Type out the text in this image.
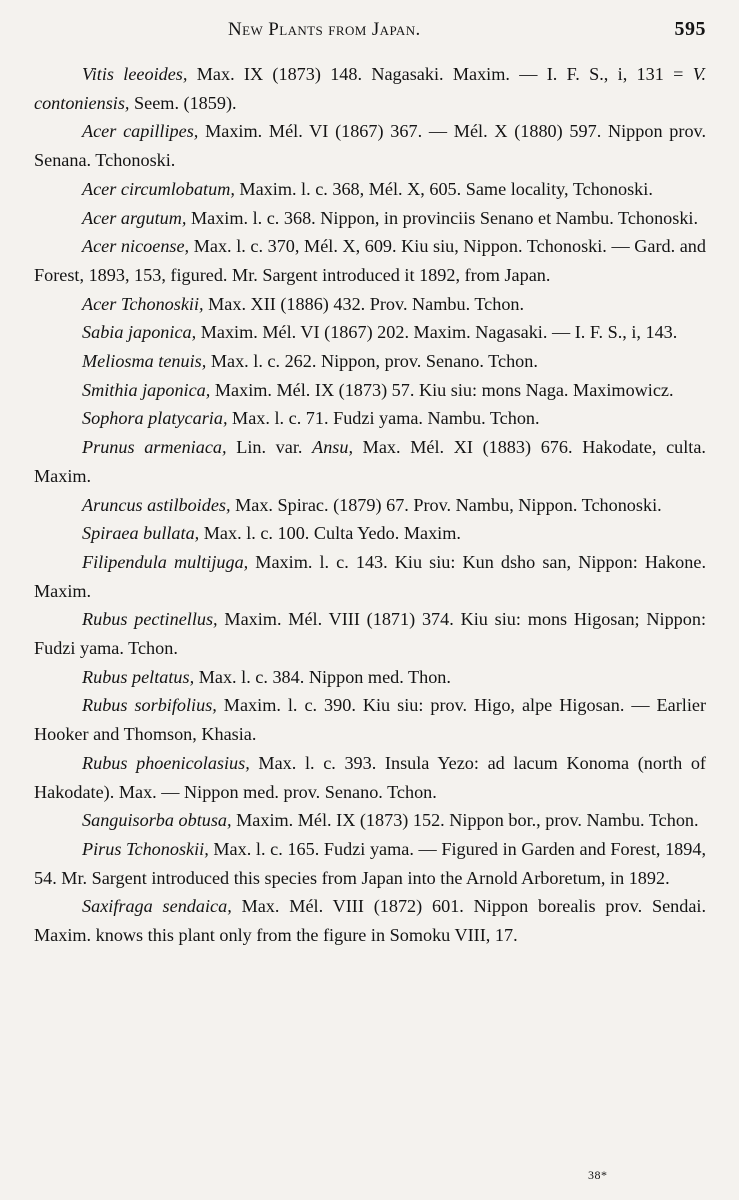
New Plants from Japan.	595

Vitis leeoides, Max. IX (1873) 148. Nagasaki. Maxim. — I. F. S., i, 131 = V. contoniensis, Seem. (1859).

Acer capillipes, Maxim. Mél. VI (1867) 367. — Mél. X (1880) 597. Nippon prov. Senana. Tchonoski.

Acer circumlobatum, Maxim. l. c. 368, Mél. X, 605. Same locality, Tchonoski.

Acer argutum, Maxim. l. c. 368. Nippon, in provinciis Senano et Nambu. Tchonoski.

Acer nicoense, Max. l. c. 370, Mél. X, 609. Kiu siu, Nippon. Tchonoski. — Gard. and Forest, 1893, 153, figured. Mr. Sargent introduced it 1892, from Japan.

Acer Tchonoskii, Max. XII (1886) 432. Prov. Nambu. Tchon.

Sabia japonica, Maxim. Mél. VI (1867) 202. Maxim. Nagasaki. — I. F. S., i, 143.

Meliosma tenuis, Max. l. c. 262. Nippon, prov. Senano. Tchon.

Smithia japonica, Maxim. Mél. IX (1873) 57. Kiu siu: mons Naga. Maximowicz.

Sophora platycaria, Max. l. c. 71. Fudzi yama. Nambu. Tchon.

Prunus armeniaca, Lin. var. Ansu, Max. Mél. XI (1883) 676. Hakodate, culta. Maxim.

Aruncus astilboides, Max. Spirac. (1879) 67. Prov. Nambu, Nippon. Tchonoski.

Spiraea bullata, Max. l. c. 100. Culta Yedo. Maxim.

Filipendula multijuga, Maxim. l. c. 143. Kiu siu: Kun dsho san, Nippon: Hakone. Maxim.

Rubus pectinellus, Maxim. Mél. VIII (1871) 374. Kiu siu: mons Higosan; Nippon: Fudzi yama. Tchon.

Rubus peltatus, Max. l. c. 384. Nippon med. Thon.

Rubus sorbifolius, Maxim. l. c. 390. Kiu siu: prov. Higo, alpe Higosan. — Earlier Hooker and Thomson, Khasia.

Rubus phoenicolasius, Max. l. c. 393. Insula Yezo: ad lacum Konoma (north of Hakodate). Max. — Nippon med. prov. Senano. Tchon.

Sanguisorba obtusa, Maxim. Mél. IX (1873) 152. Nippon bor., prov. Nambu. Tchon.

Pirus Tchonoskii, Max. l. c. 165. Fudzi yama. — Figured in Garden and Forest, 1894, 54. Mr. Sargent introduced this species from Japan into the Arnold Arboretum, in 1892.

Saxifraga sendaica, Max. Mél. VIII (1872) 601. Nippon borealis prov. Sendai. Maxim. knows this plant only from the figure in Somoku VIII, 17.

38*
